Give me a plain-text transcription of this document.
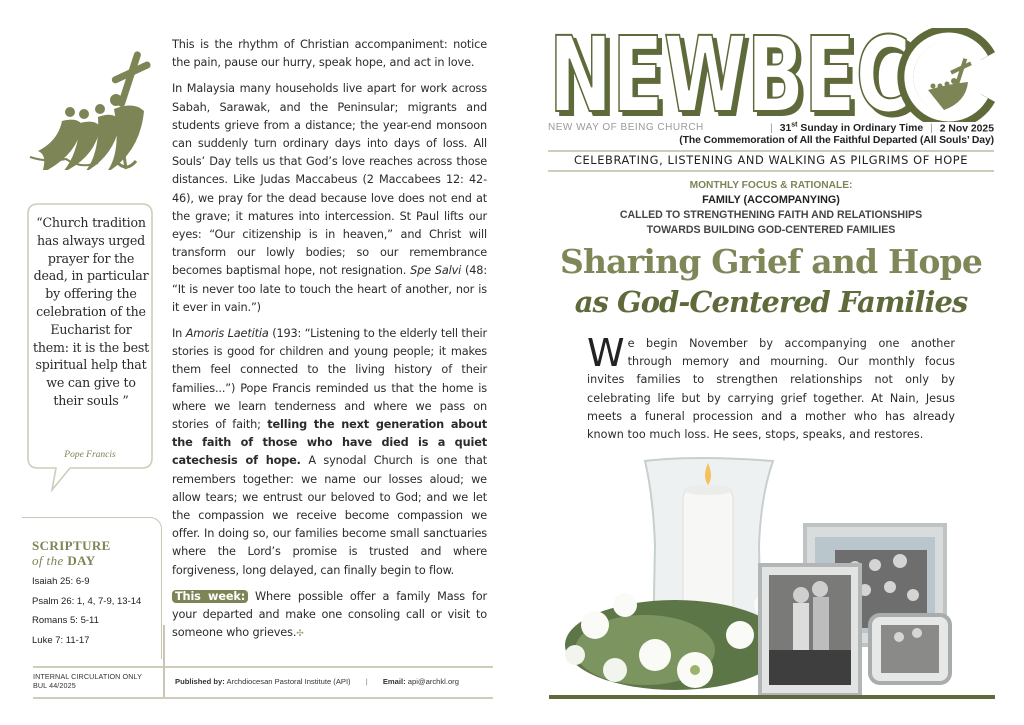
“Church tradition has always urged prayer for the dead, in particular by offering the celebration of the Eucharist for them: it is the best spiritual help that we can give to their souls ”
Pope Francis
SCRIPTURE
of the DAY
Isaiah 25: 6-9
Psalm 26: 1, 4, 7-9, 13-14
Romans 5: 5-11
Luke 7: 11-17
INTERNAL CIRCULATION ONLY
BUL 44/2025	Published by: Archdiocesan Pastoral Institute (API) | Email: api@archkl.org

This is the rhythm of Christian accompaniment: notice the pain, pause our hurry, speak hope, and act in love.

In Malaysia many households live apart for work across Sabah, Sarawak, and the Peninsular; migrants and students grieve from a distance; the year-end monsoon can suddenly turn ordinary days into days of loss. All Souls’ Day tells us that God’s love reaches across those distances. Like Judas Maccabeus (2 Maccabees 12: 42-46), we pray for the dead because love does not end at the grave; it matures into intercession. St Paul lifts our eyes: “Our citizenship is in heaven,” and Christ will transform our lowly bodies; so our remembrance becomes baptismal hope, not resignation. Spe Salvi (48: “It is never too late to touch the heart of another, nor is it ever in vain.”)

In Amoris Laetitia (193: “Listening to the elderly tell their stories is good for children and young people; it makes them feel connected to the living history of their families...”) Pope Francis reminded us that the home is where we learn tenderness and where we pass on stories of faith; telling the next generation about the faith of those who have died is a quiet catechesis of hope. A synodal Church is one that remembers together: we name our losses aloud; we allow tears; we entrust our beloved to God; and we let the compassion we receive become compassion we offer. In doing so, our families become small sanctuaries where the Lord’s promise is trusted and where forgiveness, long delayed, can finally begin to flow.

This week: Where possible offer a family Mass for your departed and make one consoling call or visit to someone who grieves.✣

NEWBEC
NEW WAY OF BEING CHURCH	| 31st Sunday in Ordinary Time | 2 Nov 2025
(The Commemoration of All the Faithful Departed (All Souls’ Day)
CELEBRATING, LISTENING AND WALKING AS PILGRIMS OF HOPE
MONTHLY FOCUS & RATIONALE:
FAMILY (ACCOMPANYING)
CALLED TO STRENGTHENING FAITH AND RELATIONSHIPS
TOWARDS BUILDING GOD-CENTERED FAMILIES
Sharing Grief and Hope
as God-Centered Families
We begin November by accompanying one another through memory and mourning. Our monthly focus invites families to strengthen relationships not only by celebrating life but by carrying grief together. At Nain, Jesus meets a funeral procession and a mother who has already known too much loss. He sees, stops, speaks, and restores.
